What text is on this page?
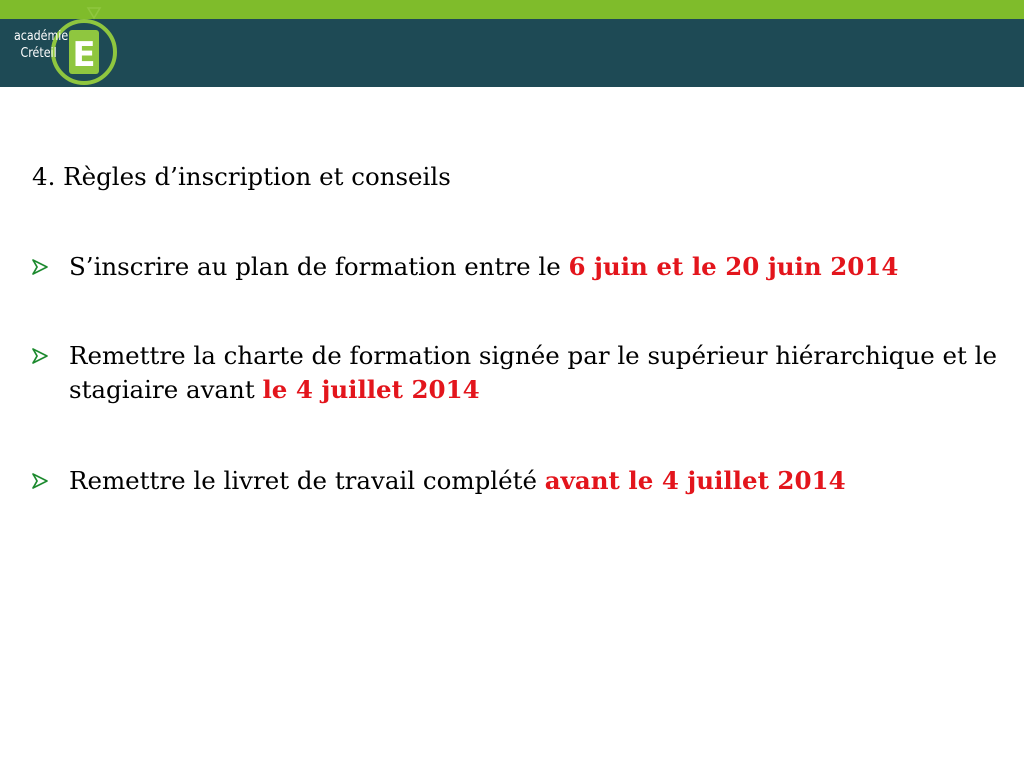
E
académie
Créteil
4. Règles d’inscription et conseils
S’inscrire au plan de formation entre le 6 juin et le 20 juin 2014
Remettre la charte de formation signée par le supérieur hiérarchique et le stagiaire avant le 4 juillet 2014
Remettre le livret de travail complété avant le 4 juillet 2014
